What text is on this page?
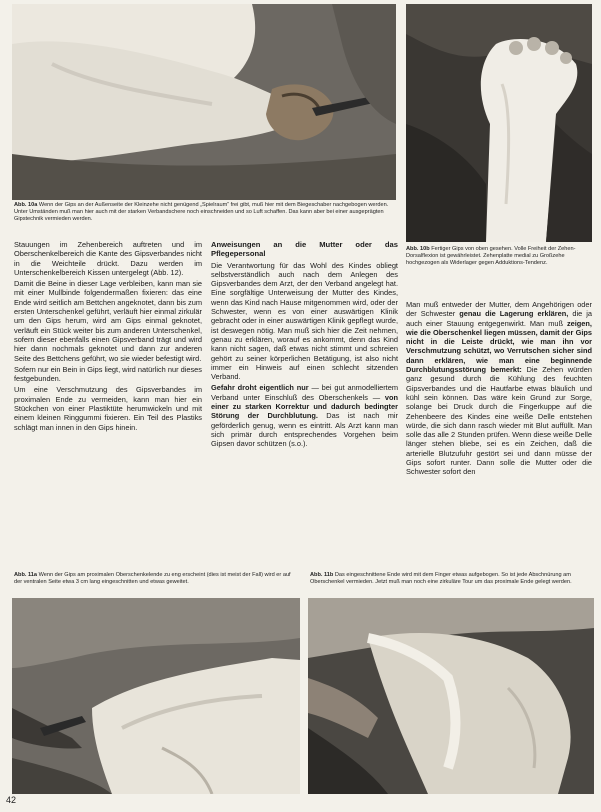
Abb. 10a Wenn der Gips an der Außenseite der Kleinzehe nicht genügend „Spielraum“ frei gibt, muß hier mit dem Biegeschaber nachgebogen werden. Unter Umständen muß man hier auch mit der starken Verbandschere noch einschneiden und so Luft schaffen. Das kann aber bei einer ausgeprägten Gipstechnik vermieden werden.
Abb. 10b Fertiger Gips von oben gesehen. Volle Freiheit der Zehen-Dorsalflexion ist gewährleistet. Zehenplatte medial zu Großzehe hochgezogen als Widerlager gegen Adduktions-Tendenz.

Stauungen im Zehenbereich auftreten und im Oberschenkelbereich die Kante des Gipsverbandes nicht in die Weichteile drückt. Dazu werden im Unterschenkelbereich Kissen untergelegt (Abb. 12).

Damit die Beine in dieser Lage verbleiben, kann man sie mit einer Mullbinde folgendermaßen fixieren: das eine Ende wird seitlich am Bettchen angeknotet, dann bis zum ersten Unterschenkel geführt, verläuft hier einmal zirkulär um den Gips herum, wird am Gips einmal geknotet, verläuft ein Stück weiter bis zum anderen Unterschenkel, sofern dieser ebenfalls einen Gipsverband trägt und wird hier dann nochmals geknotet und dann zur anderen Seite des Bettchens geführt, wo sie wieder befestigt wird.

Sofern nur ein Bein in Gips liegt, wird natürlich nur dieses festgebunden.

Um eine Verschmutzung des Gipsverbandes im proximalen Ende zu vermeiden, kann man hier ein Stückchen von einer Plastiktüte herumwickeln und mit einem kleinen Ringgummi fixieren. Ein Teil des Plastiks schlägt man innen in den Gips hinein.

Anweisungen an die Mutter oder das Pflegepersonal

Die Verantwortung für das Wohl des Kindes obliegt selbstverständlich auch nach dem Anlegen des Gipsverbandes dem Arzt, der den Verband angelegt hat. Eine sorgfältige Unterweisung der Mutter des Kindes, wenn das Kind nach Hause mitgenommen wird, oder der Schwester, wenn es von einer auswärtigen Klinik gebracht oder in einer auswärtigen Klinik gepflegt wurde, ist deswegen nötig. Man muß sich hier die Zeit nehmen, genau zu erklären, worauf es ankommt, denn das Kind kann nicht sagen, daß etwas nicht stimmt und schreien gehört zu seiner körperlichen Betätigung, ist also nicht immer ein Hinweis auf einen schlecht sitzenden Verband.

Gefahr droht eigentlich nur — bei gut anmodelliertem Verband unter Einschluß des Oberschenkels — von einer zu starken Korrektur und dadurch bedingter Störung der Durchblutung. Das ist nach mir geförderlich genug, wenn es eintritt. Als Arzt kann man sich primär durch entsprechendes Vorgehen beim Gipsen davor schützen (s.o.).

Man muß entweder der Mutter, dem Angehörigen oder der Schwester genau die Lagerung erklären, die ja auch einer Stauung entgegenwirkt. Man muß zeigen, wie die Oberschenkel liegen müssen, damit der Gips nicht in die Leiste drückt, wie man ihn vor Verschmutzung schützt, wo Verrutschen sicher sind dann erklären, wie man eine beginnende Durchblutungsstörung bemerkt: Die Zehen würden ganz gesund durch die Kühlung des feuchten Gipsverbandes und die Hautfarbe etwas bläulich und kühl sein können. Das wäre kein Grund zur Sorge, solange bei Druck durch die Fingerkuppe auf die Zehenbeere des Kindes eine weiße Delle entstehen würde, die sich dann rasch wieder mit Blut auffüllt. Man solle das alle 2 Stunden prüfen. Wenn diese weiße Delle länger stehen bliebe, sei es ein Zeichen, daß die arterielle Blutzufuhr gestört sei und dann müsse der Gips sofort runter. Dann solle die Mutter oder die Schwester sofort den

Abb. 11a Wenn der Gips am proximalen Oberschenkelende zu eng erscheint (dies ist meist der Fall) wird er auf der ventralen Seite etwa 3 cm lang eingeschnitten und etwas geweitet.
Abb. 11b Das eingeschnittene Ende wird mit dem Finger etwas aufgebogen. So ist jede Abschnürung am Oberschenkel vermieden. Jetzt muß man noch eine zirkuläre Tour um das proximale Ende gelegt werden.
42
